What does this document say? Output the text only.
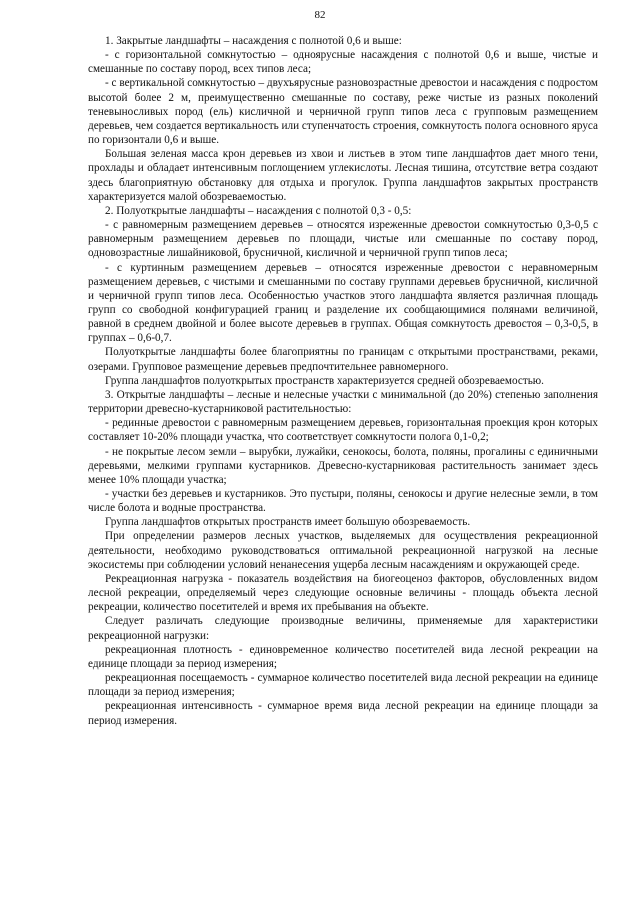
82

1. Закрытые ландшафты – насаждения с полнотой 0,6 и выше:

- с горизонтальной сомкнутостью – одноярусные насаждения с полнотой 0,6 и выше, чистые и смешанные по составу пород, всех типов леса;

- с вертикальной сомкнутостью – двухъярусные разновозрастные древостои и насаждения с подростом высотой более 2 м, преимущественно смешанные по составу, реже чистые из разных поколений теневыносливых пород (ель) кисличной и черничной групп типов леса с групповым размещением деревьев, чем создается вертикальность или ступенчатость строения, сомкнутость полога основного яруса по горизонтали 0,6 и выше.

Большая зеленая масса крон деревьев из хвои и листьев в этом типе ландшафтов дает много тени, прохлады и обладает интенсивным поглощением углекислоты. Лесная тишина, отсутствие ветра создают здесь благоприятную обстановку для отдыха и прогулок. Группа ландшафтов закрытых пространств характеризуется малой обозреваемостью.

2. Полуоткрытые ландшафты – насаждения с полнотой 0,3 - 0,5:

- с равномерным размещением деревьев – относятся изреженные древостои сомкнутостью 0,3-0,5 с равномерным размещением деревьев по площади, чистые или смешанные по составу пород, одновозрастные лишайниковой, брусничной, кисличной и черничной групп типов леса;

- с куртинным размещением деревьев – относятся изреженные древостои с неравномерным размещением деревьев, с чистыми и смешанными по составу группами деревьев брусничной, кисличной и черничной групп типов леса. Особенностью участков этого ландшафта является различная площадь групп со свободной конфигурацией границ и разделение их сообщающимися полянами величиной, равной в среднем двойной и более высоте деревьев в группах. Общая сомкнутость древостоя – 0,3-0,5, в группах – 0,6-0,7.

Полуоткрытые ландшафты более благоприятны по границам с открытыми пространствами, реками, озерами. Групповое размещение деревьев предпочтительнее равномерного.

Группа ландшафтов полуоткрытых пространств характеризуется средней обозреваемостью.

3. Открытые ландшафты – лесные и нелесные участки с минимальной (до 20%) степенью заполнения территории древесно-кустарниковой растительностью:

- рединные древостои с равномерным размещением деревьев, горизонтальная проекция крон которых составляет 10-20% площади участка, что соответствует сомкнутости полога 0,1-0,2;

- не покрытые лесом земли – вырубки, лужайки, сенокосы, болота, поляны, прогалины с единичными деревьями, мелкими группами кустарников. Древесно-кустарниковая растительность занимает здесь менее 10% площади участка;

- участки без деревьев и кустарников. Это пустыри, поляны, сенокосы и другие нелесные земли, в том числе болота и водные пространства.

Группа ландшафтов открытых пространств имеет большую обозреваемость.

При определении размеров лесных участков, выделяемых для осуществления рекреационной деятельности, необходимо руководствоваться оптимальной рекреационной нагрузкой на лесные экосистемы при соблюдении условий ненанесения ущерба лесным насаждениям и окружающей среде.

Рекреационная нагрузка - показатель воздействия на биогеоценоз факторов, обусловленных видом лесной рекреации, определяемый через следующие основные величины - площадь объекта лесной рекреации, количество посетителей и время их пребывания на объекте.

Следует различать следующие производные величины, применяемые для характеристики рекреационной нагрузки:

рекреационная плотность - единовременное количество посетителей вида лесной рекреации на единице площади за период измерения;

рекреационная посещаемость - суммарное количество посетителей вида лесной рекреации на единице площади за период измерения;

рекреационная интенсивность - суммарное время вида лесной рекреации на единице площади за период измерения.
